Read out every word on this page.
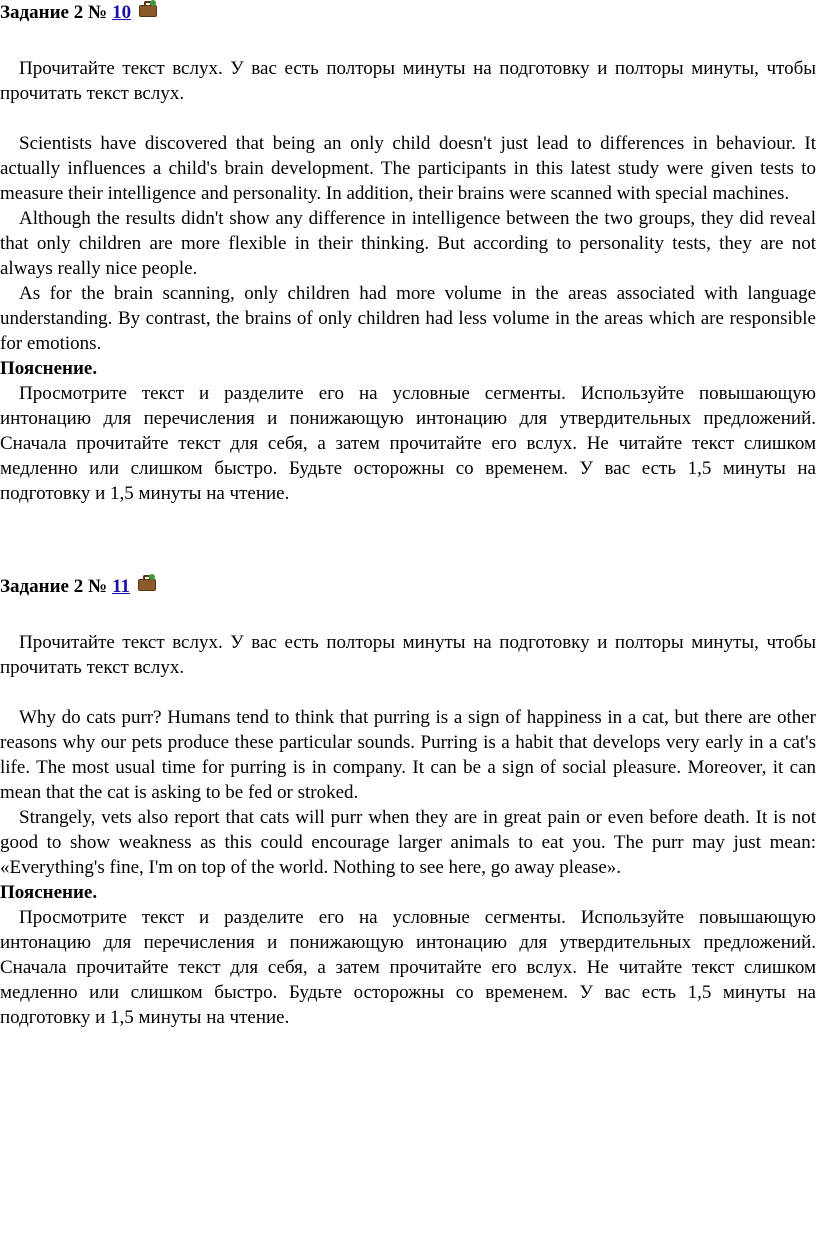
Задание 2 № 10

Прочитайте текст вслух. У вас есть полторы минуты на подготовку и полторы минуты, чтобы прочитать текст вслух.

Scientists have discovered that being an only child doesn't just lead to differences in behaviour. It actually influences a child's brain development. The participants in this latest study were given tests to measure their intelligence and personality. In addition, their brains were scanned with special machines.

Although the results didn't show any difference in intelligence between the two groups, they did reveal that only children are more flexible in their thinking. But according to personality tests, they are not always really nice people.

As for the brain scanning, only children had more volume in the areas associated with language understanding. By contrast, the brains of only children had less volume in the areas which are responsible for emotions.

Пояснение.

Просмотрите текст и разделите его на условные сегменты. Используйте повышающую интонацию для перечисления и понижающую интонацию для утвердительных предложений. Сначала прочитайте текст для себя, а затем прочитайте его вслух. Не читайте текст слишком медленно или слишком быстро. Будьте осторожны со временем. У вас есть 1,5 минуты на подготовку и 1,5 минуты на чтение.

Задание 2 № 11

Прочитайте текст вслух. У вас есть полторы минуты на подготовку и полторы минуты, чтобы прочитать текст вслух.

Why do cats purr? Humans tend to think that purring is a sign of happiness in a cat, but there are other reasons why our pets produce these particular sounds. Purring is a habit that develops very early in a cat's life. The most usual time for purring is in company. It can be a sign of social pleasure. Moreover, it can mean that the cat is asking to be fed or stroked.

Strangely, vets also report that cats will purr when they are in great pain or even before death. It is not good to show weakness as this could encourage larger animals to eat you. The purr may just mean: «Everything's fine, I'm on top of the world. Nothing to see here, go away please».

Пояснение.

Просмотрите текст и разделите его на условные сегменты. Используйте повышающую интонацию для перечисления и понижающую интонацию для утвердительных предложений. Сначала прочитайте текст для себя, а затем прочитайте его вслух. Не читайте текст слишком медленно или слишком быстро. Будьте осторожны со временем. У вас есть 1,5 минуты на подготовку и 1,5 минуты на чтение.
